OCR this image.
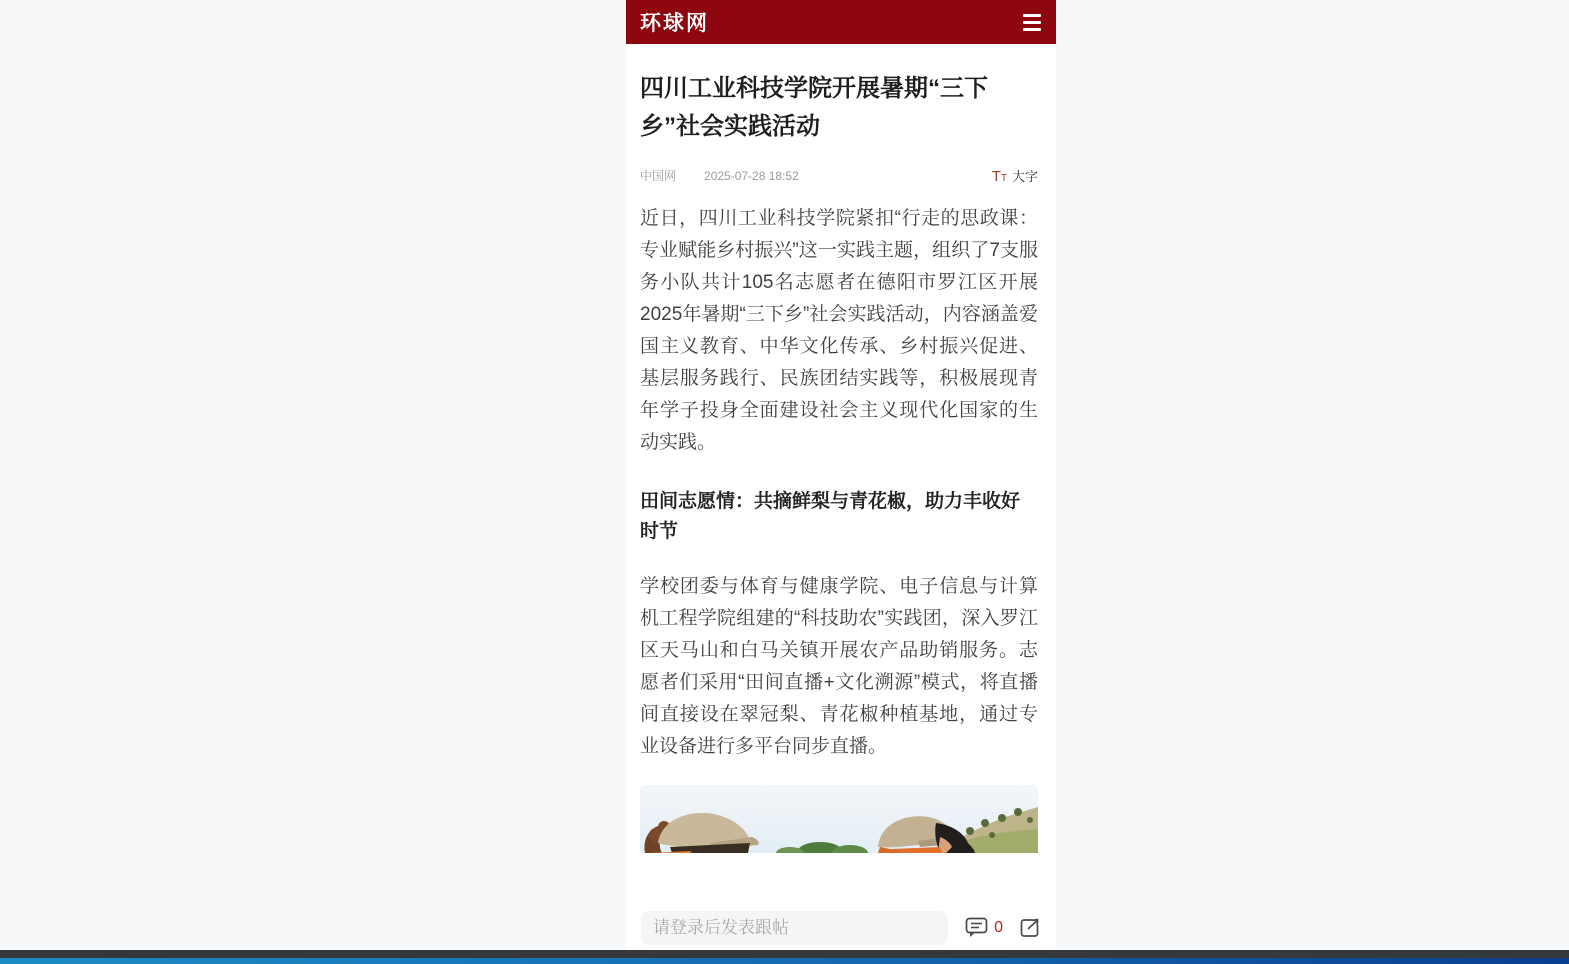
环球网
四川工业科技学院开展暑期“三下乡”社会实践活动
中国网 2025-07-28 18:52	T T 大字

近日，四川工业科技学院紧扣“行走的思政课：专业赋能乡村振兴”这一实践主题，组织了7支服务小队共计105名志愿者在德阳市罗江区开展2025年暑期“三下乡”社会实践活动，内容涵盖爱国主义教育、中华文化传承、乡村振兴促进、基层服务践行、民族团结实践等，积极展现青年学子投身全面建设社会主义现代化国家的生动实践。

田间志愿情：共摘鲜梨与青花椒，助力丰收好时节

学校团委与体育与健康学院、电子信息与计算机工程学院组建的“科技助农”实践团，深入罗江区天马山和白马关镇开展农产品助销服务。志愿者们采用“田间直播+文化溯源”模式，将直播间直接设在翠冠梨、青花椒种植基地，通过专业设备进行多平台同步直播。

请登录后发表跟帖
0
